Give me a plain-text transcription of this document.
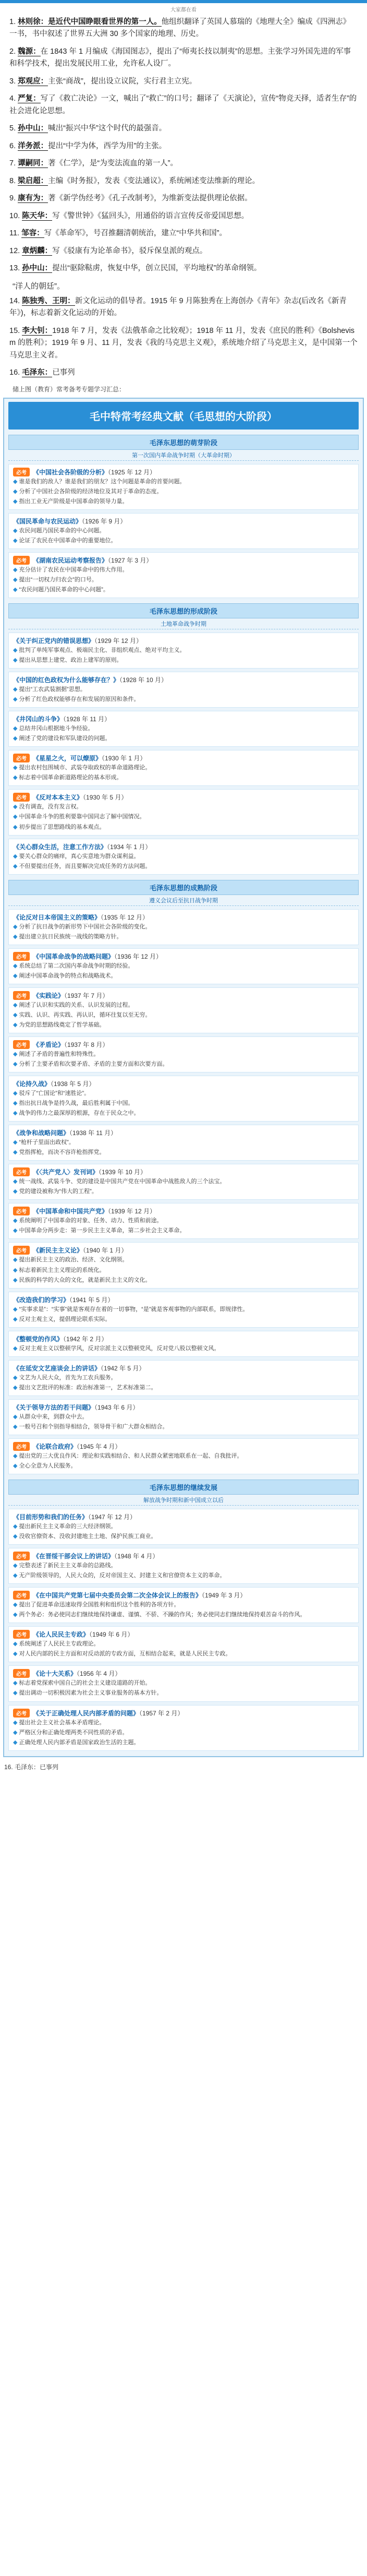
大家都在看

1. 林则徐：是近代中国睁眼看世界的第一人。他组织翻译了英国人慕瑞的《地理大全》编成《四洲志》一书，书中叙述了世界五大洲 30 多个国家的地理、历史。

2. 魏源：在 1843 年 1 月编成《海国图志》，提出了“师夷长技以制夷”的思想。主张学习外国先进的军事和科学技术，提出发展民用工业，允许私人设厂。

3. 郑观应：主张“商战”，提出设立议院，实行君主立宪。

4. 严复：写了《救亡决论》一文，喊出了“救亡”的口号；翻译了《天演论》，宣传“物竞天择，适者生存”的社会进化论思想。

5. 孙中山：喊出“振兴中华”这个时代的最强音。

6. 洋务派：提出“中学为体，西学为用”的主张。

7. 谭嗣同：著《仁学》，是“为变法流血的第一人”。

8. 梁启超：主编《时务报》，发表《变法通议》，系统阐述变法维新的理论。

9. 康有为：著《新学伪经考》《孔子改制考》，为维新变法提供理论依据。

10. 陈天华：写《警世钟》《猛回头》，用通俗的语言宣传反帝爱国思想。

11. 邹容：写《革命军》，号召推翻清朝统治，建立“中华共和国”。

12. 章炳麟：写《驳康有为论革命书》，驳斥保皇派的观点。

13. 孙中山：提出“驱除鞑虏，恢复中华，创立民国，平均地权”的革命纲领。

“洋人的朝廷”。

14. 陈独秀、王明：新文化运动的倡导者。1915 年 9 月陈独秀在上海创办《青年》杂志(后改名《新青年》)，标志着新文化运动的开始。

15. 李大钊：1918 年 7 月，发表《法俄革命之比较观》；1918 年 11 月，发表《庶民的胜利》《Bolshevism 的胜利》；1919 年 9 月、11 月，发表《我的马克思主义观》，系统地介绍了马克思主义，是中国第一个马克思主义者。

16. 毛泽东：已事列

储上图（教育）常考备考专题学习汇总：
毛中特常考经典文献（毛思想的大阶段）
毛泽东思想的萌芽阶段
第一次国内革命战争时期（大革命时期）
必考 《中国社会各阶级的分析》（1925 年 12 月）
◆ 谁是我们的敌人？谁是我们的朋友？这个问题是革命的首要问题。
◆ 分析了中国社会各阶级的经济地位及其对于革命的态度。
◆ 指出工业无产阶级是中国革命的领导力量。
《国民革命与农民运动》（1926 年 9 月）
◆ 农民问题乃国民革命的中心问题。
◆ 论证了农民在中国革命中的重要地位。
必考 《湖南农民运动考察报告》（1927 年 3 月）
◆ 充分估计了农民在中国革命中的伟大作用。
◆ 提出“一切权力归农会”的口号。
◆ “农民问题乃国民革命的中心问题”。
毛泽东思想的形成阶段
土地革命战争时期
《关于纠正党内的错误思想》（1929 年 12 月）
◆ 批判了单纯军事观点、极端民主化、非组织观点、绝对平均主义。
◆ 提出从思想上建党、政治上建军的原则。
《中国的红色政权为什么能够存在？》（1928 年 10 月）
◆ 提出“工农武装割据”思想。
◆ 分析了红色政权能够存在和发展的原因和条件。
《井冈山的斗争》（1928 年 11 月）
◆ 总结井冈山根据地斗争经验。
◆ 阐述了党的建设和军队建设的问题。
必考 《星星之火，可以燎原》（1930 年 1 月）
◆ 提出农村包围城市、武装夺取政权的革命道路理论。
◆ 标志着中国革命新道路理论的基本形成。
必考 《反对本本主义》（1930 年 5 月）
◆ 没有调查，没有发言权。
◆ 中国革命斗争的胜利要靠中国同志了解中国情况。
◆ 初步提出了思想路线的基本观点。
《关心群众生活，注意工作方法》（1934 年 1 月）
◆ 要关心群众的痛痒，真心实意地为群众谋利益。
◆ 不但要提出任务，而且要解决完成任务的方法问题。
毛泽东思想的成熟阶段
遵义会议后至抗日战争时期
《论反对日本帝国主义的策略》（1935 年 12 月）
◆ 分析了抗日战争的新形势下中国社会各阶级的变化。
◆ 提出建立抗日民族统一战线的策略方针。
必考 《中国革命战争的战略问题》（1936 年 12 月）
◆ 系统总结了第二次国内革命战争时期的经验。
◆ 阐述中国革命战争的特点和战略战术。
必考 《实践论》（1937 年 7 月）
◆ 阐述了认识和实践的关系、认识发展的过程。
◆ 实践、认识、再实践、再认识，循环往复以至无穷。
◆ 为党的思想路线奠定了哲学基础。
必考 《矛盾论》（1937 年 8 月）
◆ 阐述了矛盾的普遍性和特殊性。
◆ 分析了主要矛盾和次要矛盾、矛盾的主要方面和次要方面。
《论持久战》（1938 年 5 月）
◆ 驳斥了“亡国论”和“速胜论”。
◆ 指出抗日战争是持久战，最后胜利属于中国。
◆ 战争的伟力之最深厚的根源，存在于民众之中。
《战争和战略问题》（1938 年 11 月）
◆ “枪杆子里面出政权”。
◆ 党指挥枪，而决不容许枪指挥党。
必考 《〈共产党人〉发刊词》（1939 年 10 月）
◆ 统一战线、武装斗争、党的建设是中国共产党在中国革命中战胜敌人的三个法宝。
◆ 党的建设被称为“伟大的工程”。
必考 《中国革命和中国共产党》（1939 年 12 月）
◆ 系统阐明了中国革命的对象、任务、动力、性质和前途。
◆ 中国革命分两步走：第一步民主主义革命，第二步社会主义革命。
必考 《新民主主义论》（1940 年 1 月）
◆ 提出新民主主义的政治、经济、文化纲领。
◆ 标志着新民主主义理论的系统化。
◆ 民族的科学的大众的文化，就是新民主主义的文化。
《改造我们的学习》（1941 年 5 月）
◆ “实事求是”：“实事”就是客观存在着的一切事物，“是”就是客观事物的内部联系，即规律性。
◆ 反对主观主义，提倡理论联系实际。
《整顿党的作风》（1942 年 2 月）
◆ 反对主观主义以整顿学风，反对宗派主义以整顿党风，反对党八股以整顿文风。
《在延安文艺座谈会上的讲话》（1942 年 5 月）
◆ 文艺为人民大众，首先为工农兵服务。
◆ 提出文艺批评的标准：政治标准第一，艺术标准第二。
《关于领导方法的若干问题》（1943 年 6 月）
◆ 从群众中来，到群众中去。
◆ 一般号召和个别指导相结合，领导骨干和广大群众相结合。
必考 《论联合政府》（1945 年 4 月）
◆ 提出党的三大优良作风：理论和实践相结合、和人民群众紧密地联系在一起、自我批评。
◆ 全心全意为人民服务。
毛泽东思想的继续发展
解放战争时期和新中国成立以后
《目前形势和我们的任务》（1947 年 12 月）
◆ 提出新民主主义革命的三大经济纲领。
◆ 没收官僚资本、没收封建地主土地、保护民族工商业。
必考 《在晋绥干部会议上的讲话》（1948 年 4 月）
◆ 完整表述了新民主主义革命的总路线。
◆ 无产阶级领导的，人民大众的，反对帝国主义、封建主义和官僚资本主义的革命。
必考 《在中国共产党第七届中央委员会第二次全体会议上的报告》（1949 年 3 月）
◆ 提出了促进革命迅速取得全国胜利和组织这个胜利的各项方针。
◆ 两个务必：务必使同志们继续地保持谦虚、谨慎、不骄、不躁的作风；务必使同志们继续地保持艰苦奋斗的作风。
必考 《论人民民主专政》（1949 年 6 月）
◆ 系统阐述了人民民主专政理论。
◆ 对人民内部的民主方面和对反动派的专政方面，互相结合起来，就是人民民主专政。
必考 《论十大关系》（1956 年 4 月）
◆ 标志着党探索中国自己的社会主义建设道路的开始。
◆ 提出调动一切积极因素为社会主义事业服务的基本方针。
必考 《关于正确处理人民内部矛盾的问题》（1957 年 2 月）
◆ 提出社会主义社会基本矛盾理论。
◆ 严格区分和正确处理两类不同性质的矛盾。
◆ 正确处理人民内部矛盾是国家政治生活的主题。
16. 毛泽东：已事列
